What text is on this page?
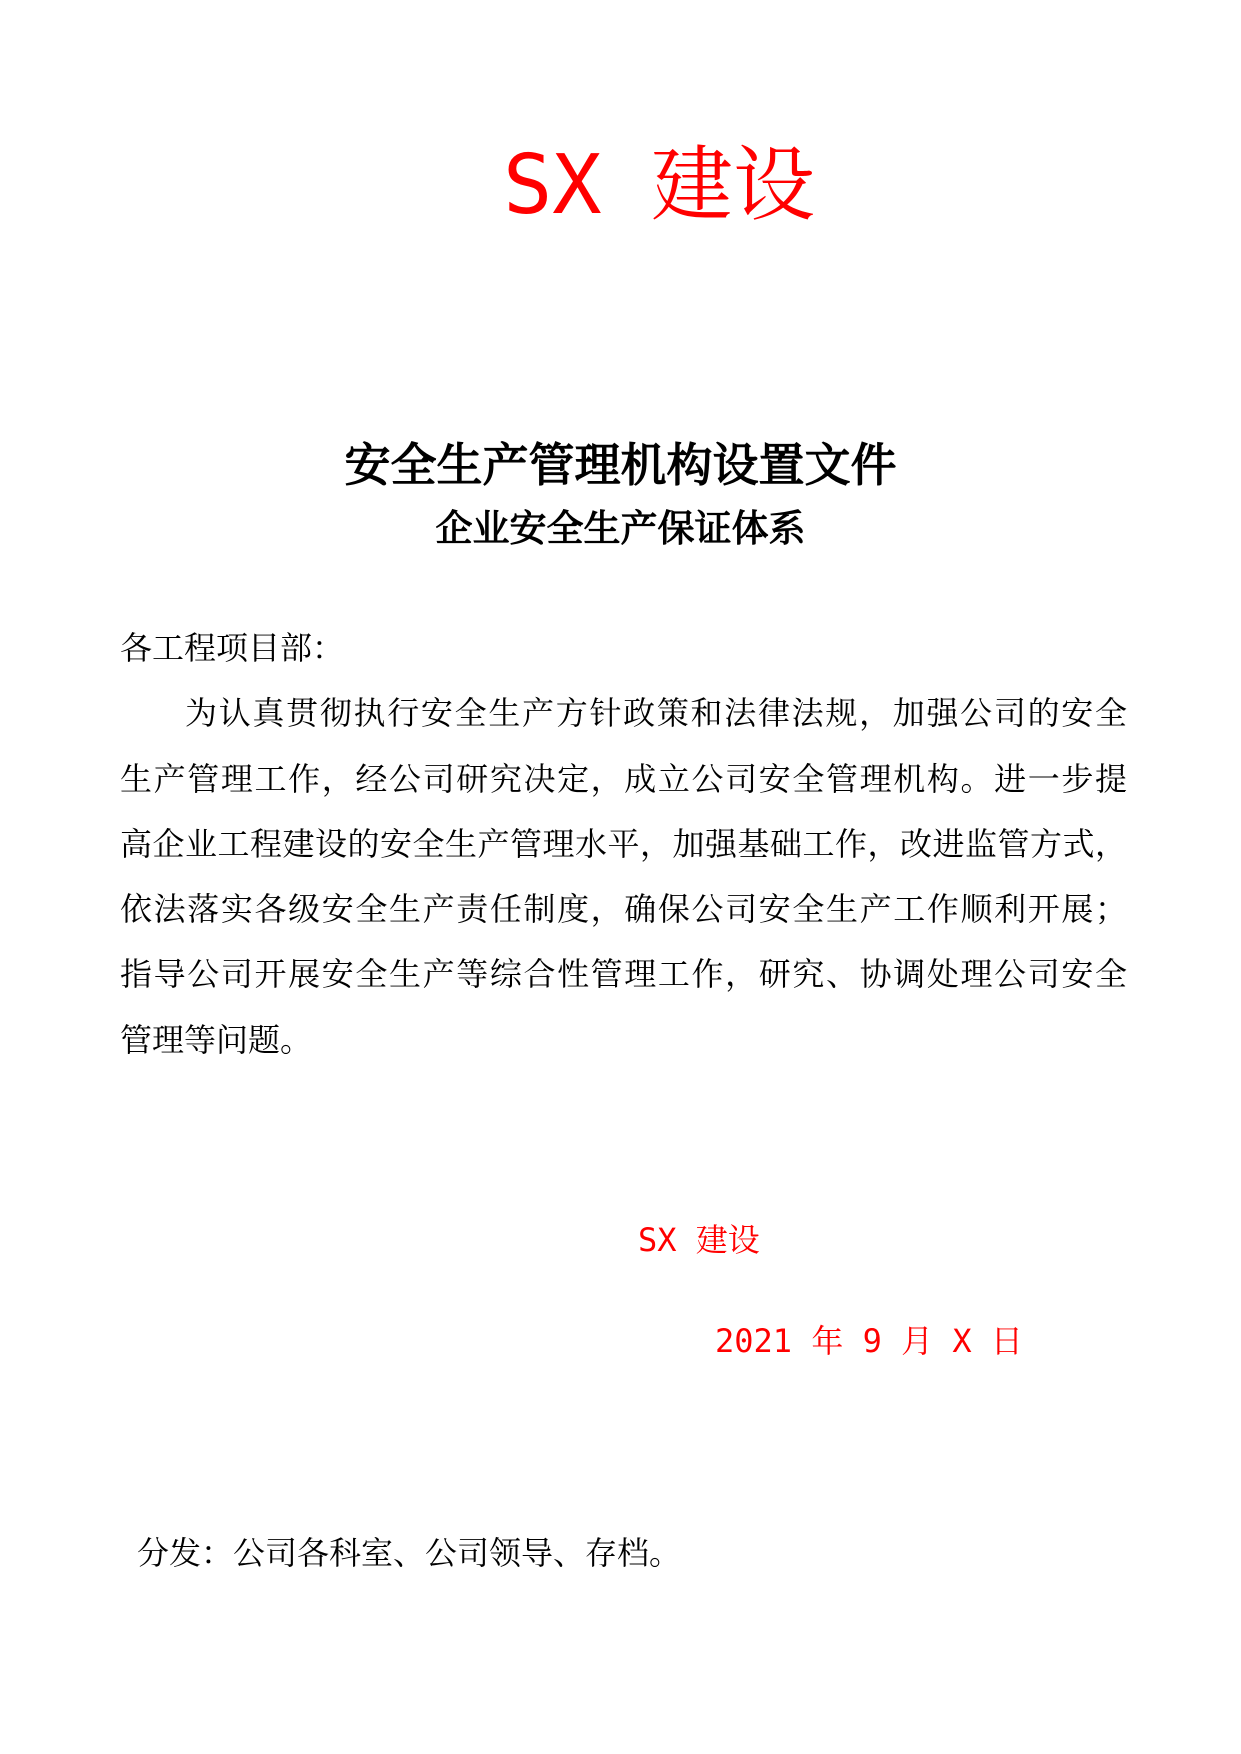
SX 建设
安全生产管理机构设置文件
企业安全生产保证体系
各工程项目部：
为认真贯彻执行安全生产方针政策和法律法规，加强公司的安全
生产管理工作，经公司研究决定，成立公司安全管理机构。进一步提
高企业工程建设的安全生产管理水平，加强基础工作，改进监管方式，
依法落实各级安全生产责任制度，确保公司安全生产工作顺利开展；
指导公司开展安全生产等综合性管理工作，研究、协调处理公司安全
管理等问题。
SX 建设
2021 年 9 月 X 日
分发：公司各科室、公司领导、存档。
